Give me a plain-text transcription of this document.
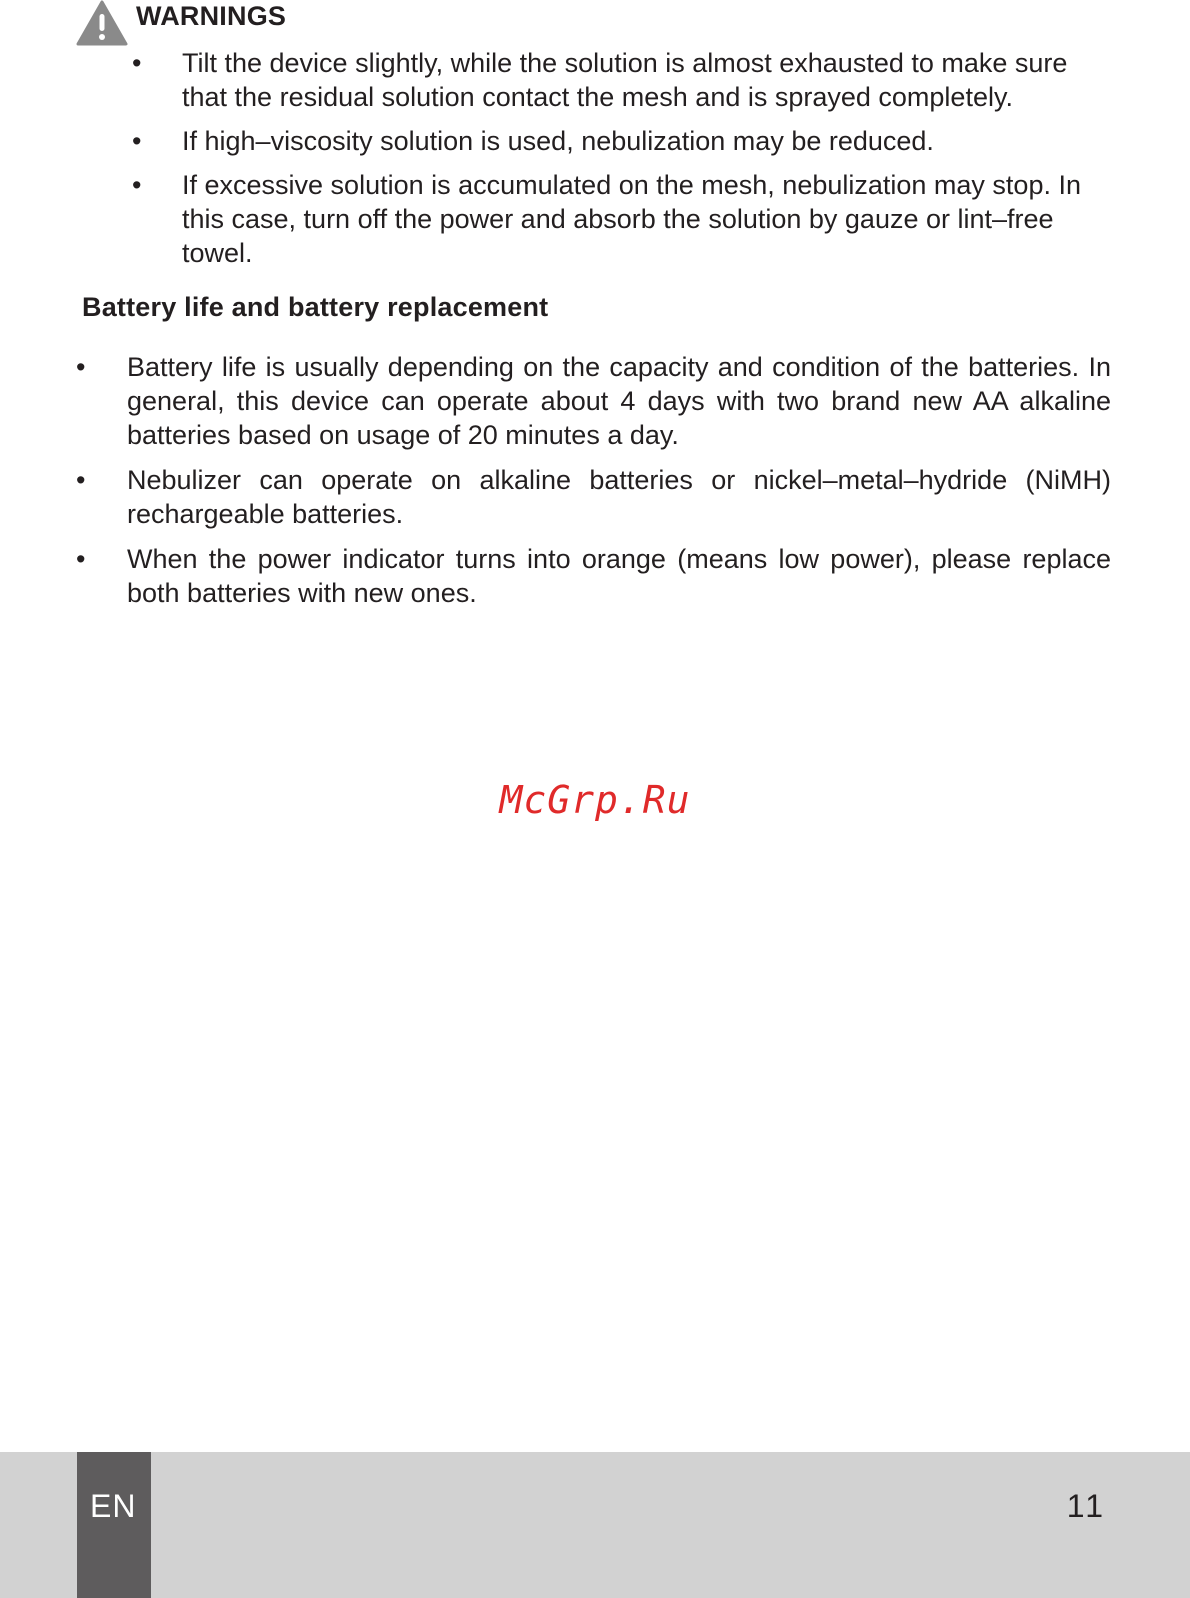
WARNINGS
• Tilt the device slightly, while the solution is almost exhausted to make sure that the residual solution contact the mesh and is sprayed completely.
• If high–viscosity solution is used, nebulization may be reduced.
• If excessive solution is accumulated on the mesh, nebulization may stop. In this case, turn off the power and absorb the solution by gauze or lint–free towel.
Battery life and battery replacement
• Battery life is usually depending on the capacity and condition of the batteries. In general, this device can operate about 4 days with two brand new AA alkaline batteries based on usage of 20 minutes a day.
• Nebulizer can operate on alkaline batteries or nickel–metal–hydride (NiMH) rechargeable batteries.
• When the power indicator turns into orange (means low power), please replace both batteries with new ones.
McGrp.Ru
EN	11
